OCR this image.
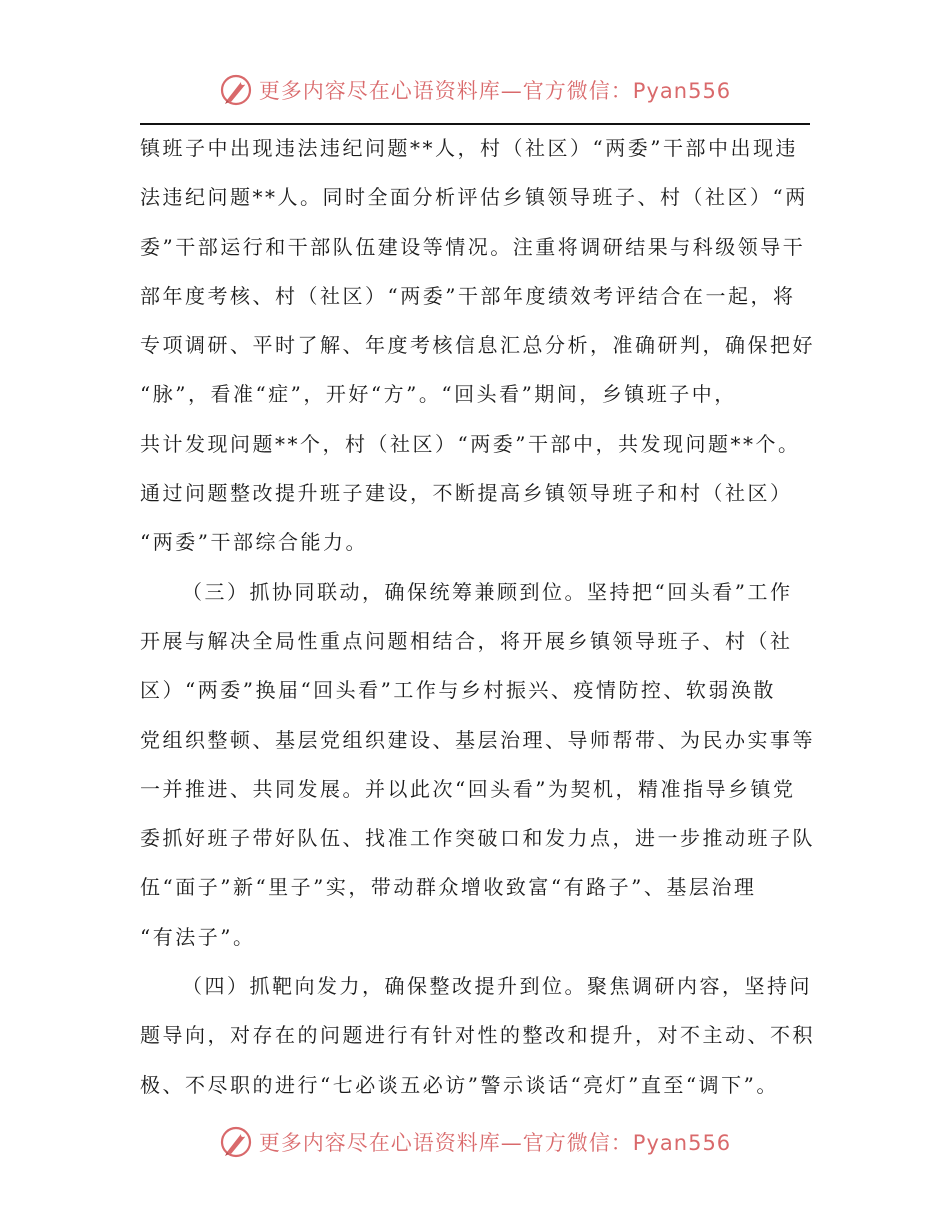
更多内容尽在心语资料库—官方微信：Pyan556
镇班子中出现违法违纪问题**人，村（社区）“两委”干部中出现违
法违纪问题**人。同时全面分析评估乡镇领导班子、村（社区）“两
委”干部运行和干部队伍建设等情况。注重将调研结果与科级领导干
部年度考核、村（社区）“两委”干部年度绩效考评结合在一起，将
专项调研、平时了解、年度考核信息汇总分析，准确研判，确保把好
“脉”，看准“症”，开好“方”。“回头看”期间，乡镇班子中，
共计发现问题**个，村（社区）“两委”干部中，共发现问题**个。
通过问题整改提升班子建设，不断提高乡镇领导班子和村（社区）
“两委”干部综合能力。
（三）抓协同联动，确保统筹兼顾到位。坚持把“回头看”工作
开展与解决全局性重点问题相结合，将开展乡镇领导班子、村（社
区）“两委”换届“回头看”工作与乡村振兴、疫情防控、软弱涣散
党组织整顿、基层党组织建设、基层治理、导师帮带、为民办实事等
一并推进、共同发展。并以此次“回头看”为契机，精准指导乡镇党
委抓好班子带好队伍、找准工作突破口和发力点，进一步推动班子队
伍“面子”新“里子”实，带动群众增收致富“有路子”、基层治理
“有法子”。
（四）抓靶向发力，确保整改提升到位。聚焦调研内容，坚持问
题导向，对存在的问题进行有针对性的整改和提升，对不主动、不积
极、不尽职的进行“七必谈五必访”警示谈话“亮灯”直至“调下”。
更多内容尽在心语资料库—官方微信：Pyan556
